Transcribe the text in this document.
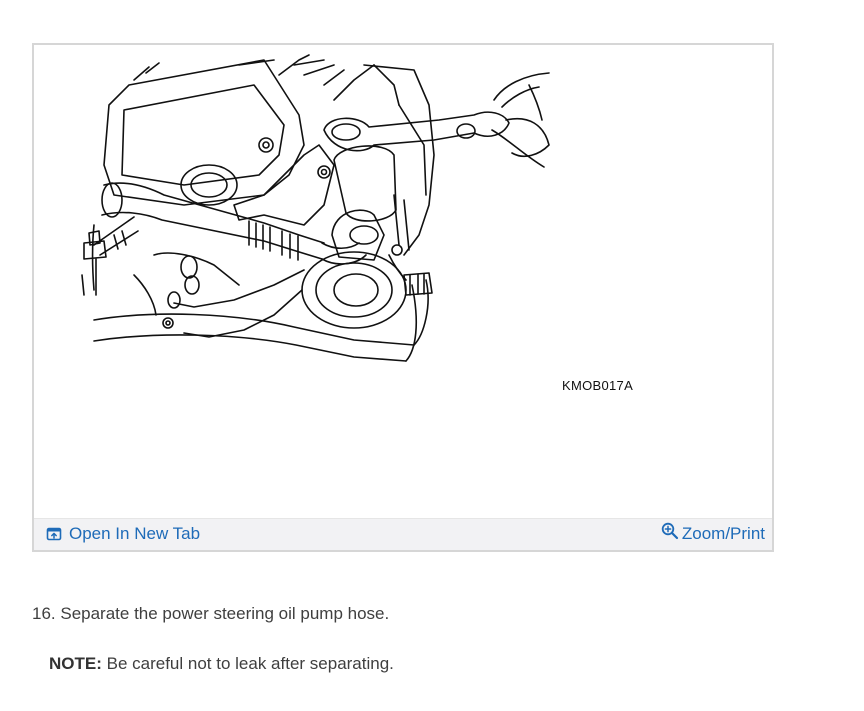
KMOB017A
Open In New Tab	Zoom/Print
16. Separate the power steering oil pump hose.
NOTE: Be careful not to leak after separating.
